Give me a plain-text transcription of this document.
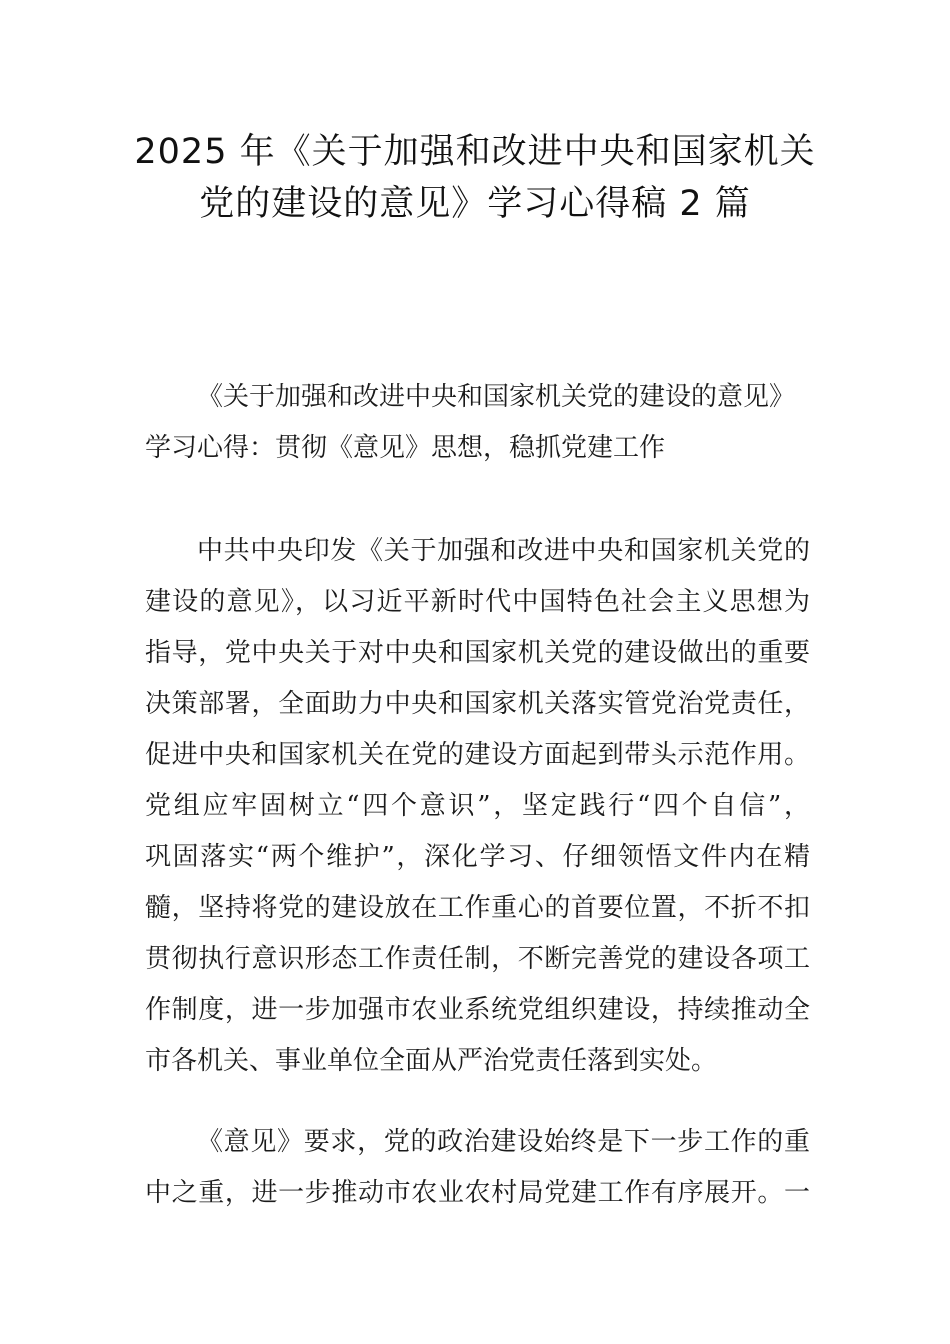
2025 年《关于加强和改进中央和国家机关
党的建设的意见》学习心得稿 2 篇
《关于加强和改进中央和国家机关党的建设的意见》
学习心得：贯彻《意见》思想，稳抓党建工作
中共中央印发《关于加强和改进中央和国家机关党的
建设的意见》，以习近平新时代中国特色社会主义思想为
指导，党中央关于对中央和国家机关党的建设做出的重要
决策部署，全面助力中央和国家机关落实管党治党责任，
促进中央和国家机关在党的建设方面起到带头示范作用。
党组应牢固树立“四个意识”，坚定践行“四个自信”，
巩固落实“两个维护”，深化学习、仔细领悟文件内在精
髓，坚持将党的建设放在工作重心的首要位置，不折不扣
贯彻执行意识形态工作责任制，不断完善党的建设各项工
作制度，进一步加强市农业系统党组织建设，持续推动全
市各机关、事业单位全面从严治党责任落到实处。
《意见》要求，党的政治建设始终是下一步工作的重
中之重，进一步推动市农业农村局党建工作有序展开。一
